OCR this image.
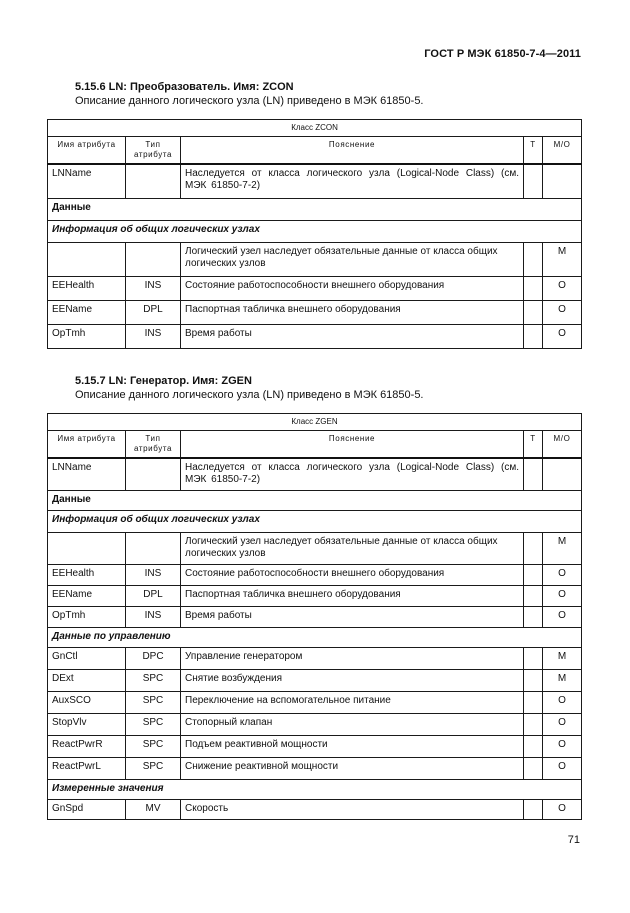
ГОСТ Р МЭК 61850-7-4—2011
5.15.6 LN: Преобразователь. Имя: ZCON
Описание данного логического узла (LN) приведено в МЭК 61850-5.
Класс ZCON				
Имя атрибута	Тип атрибута	Пояснение	T	M/O
LNName		Наследуется от класса логического узла (Logical-Node Class) (см. МЭК 61850-7-2)		
Данные				
Информация об общих логических узлах				
		Логический узел наследует обязательные данные от класса общих логических узлов		M
EEHealth	INS	Состояние работоспособности внешнего оборудования		O
EEName	DPL	Паспортная табличка внешнего оборудования		O
OpTmh	INS	Время работы		O
5.15.7 LN: Генератор. Имя: ZGEN
Описание данного логического узла (LN) приведено в МЭК 61850-5.
Класс ZGEN				
Имя атрибута	Тип атрибута	Пояснение	T	M/O
LNName		Наследуется от класса логического узла (Logical-Node Class) (см. МЭК 61850-7-2)		
Данные				
Информация об общих логических узлах				
		Логический узел наследует обязательные данные от класса общих логических узлов		M
EEHealth	INS	Состояние работоспособности внешнего оборудования		O
EEName	DPL	Паспортная табличка внешнего оборудования		O
OpTmh	INS	Время работы		O
Данные по управлению				
GnCtl	DPC	Управление генератором		M
DExt	SPC	Снятие возбуждения		M
AuxSCO	SPC	Переключение на вспомогательное питание		O
StopVlv	SPC	Стопорный клапан		O
ReactPwrR	SPC	Подъем реактивной мощности		O
ReactPwrL	SPC	Снижение реактивной мощности		O
Измеренные значения				
GnSpd	MV	Скорость		O
71
